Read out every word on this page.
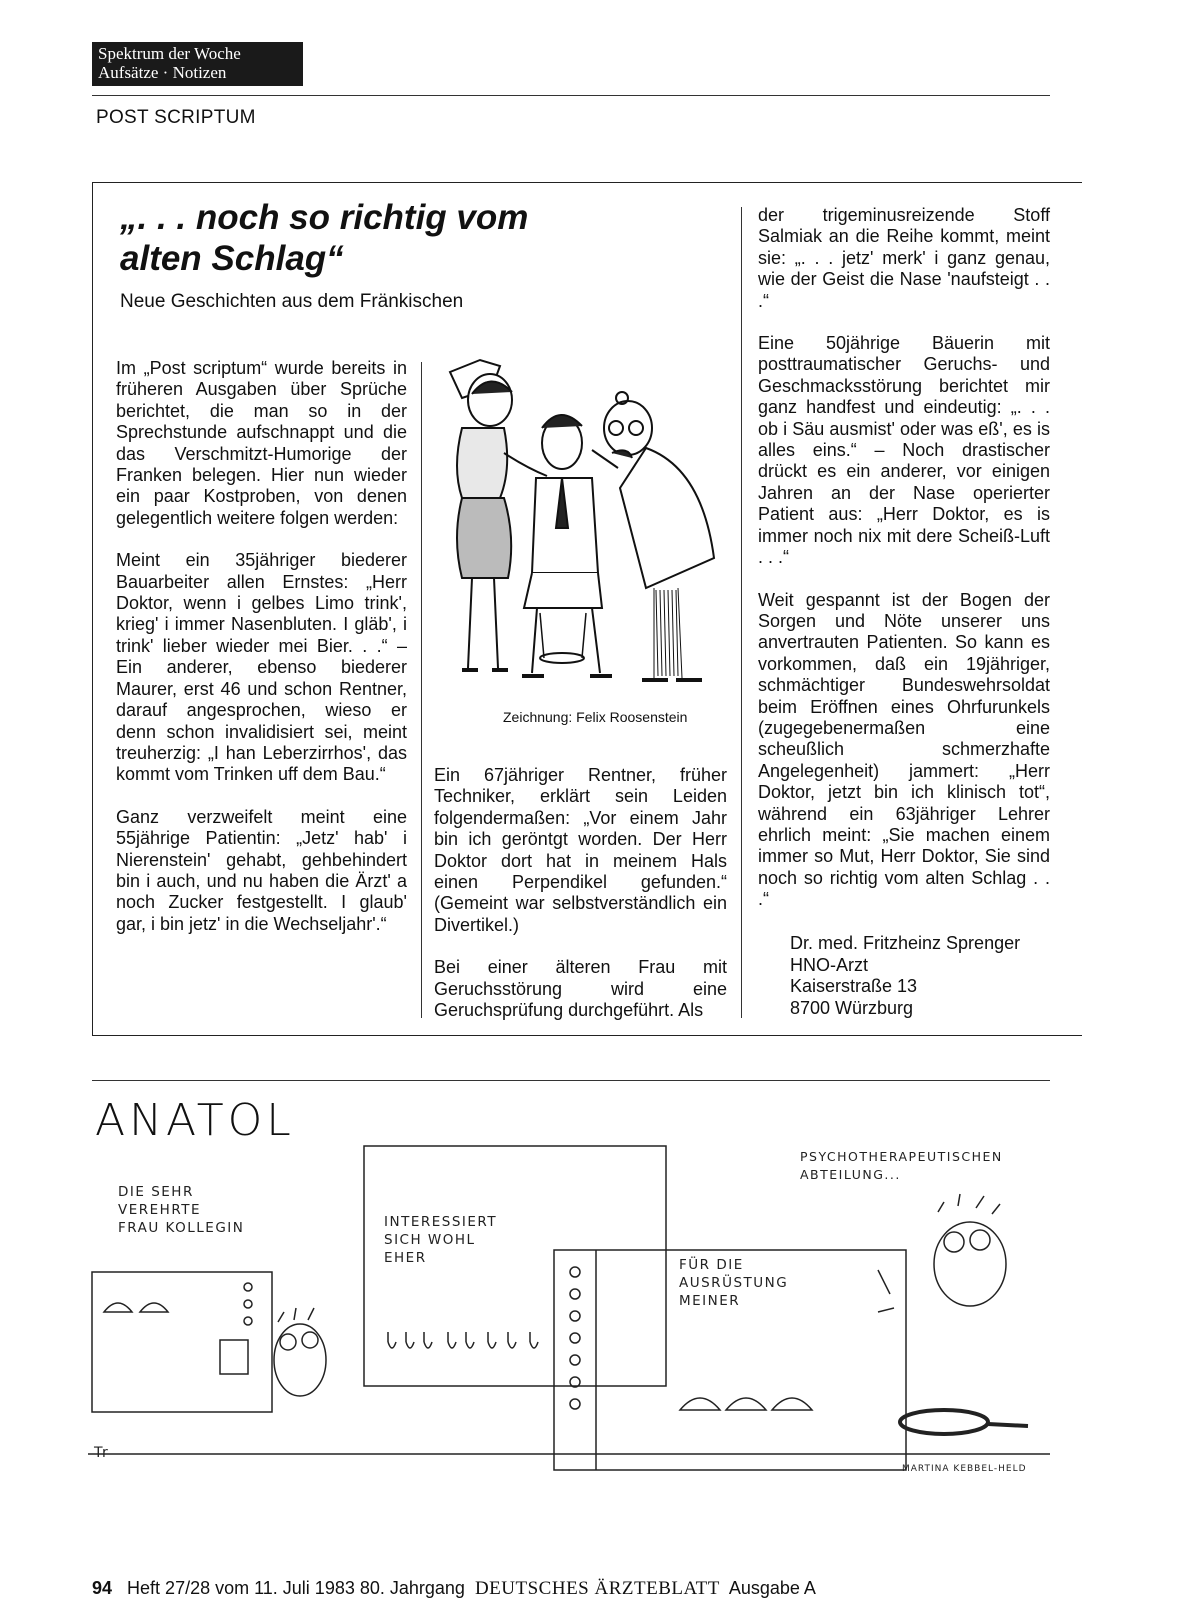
Spektrum der Woche
Aufsätze · Notizen
POST SCRIPTUM
„. . . noch so richtig vom
alten Schlag“
Neue Geschichten aus dem Fränkischen

Im „Post scriptum“ wurde bereits in früheren Ausgaben über Sprüche berichtet, die man so in der Sprechstunde aufschnappt und die das Verschmitzt-Humorige der Franken belegen. Hier nun wieder ein paar Kostproben, von denen gelegentlich weitere folgen werden:

Meint ein 35jähriger biederer Bauarbeiter allen Ernstes: „Herr Doktor, wenn i gelbes Limo trink', krieg' i immer Nasenbluten. I gläb', i trink' lieber wieder mei Bier. . .“ – Ein anderer, ebenso biederer Maurer, erst 46 und schon Rentner, darauf angesprochen, wieso er denn schon invalidisiert sei, meint treuherzig: „I han Leberzirrhos', das kommt vom Trinken uff dem Bau.“

Ganz verzweifelt meint eine 55jährige Patientin: „Jetz' hab' i Nierenstein' gehabt, gehbehindert bin i auch, und nu haben die Ärzt' a noch Zucker festgestellt. I glaub' gar, i bin jetz' in die Wechseljahr'.“

Zeichnung: Felix Roosenstein

Ein 67jähriger Rentner, früher Techniker, erklärt sein Leiden folgendermaßen: „Vor einem Jahr bin ich geröntgt worden. Der Herr Doktor dort hat in meinem Hals einen Perpendikel gefunden.“ (Gemeint war selbstverständlich ein Divertikel.)

Bei einer älteren Frau mit Geruchsstörung wird eine Geruchsprüfung durchgeführt. Als

der trigeminusreizende Stoff Salmiak an die Reihe kommt, meint sie: „. . . jetz' merk' i ganz genau, wie der Geist die Nase 'naufsteigt . . .“

Eine 50jährige Bäuerin mit posttraumatischer Geruchs- und Geschmacksstörung berichtet mir ganz handfest und eindeutig: „. . . ob i Säu ausmist' oder was eß', es is alles eins.“ – Noch drastischer drückt es ein anderer, vor einigen Jahren an der Nase operierter Patient aus: „Herr Doktor, es is immer noch nix mit dere Scheiß-Luft . . .“

Weit gespannt ist der Bogen der Sorgen und Nöte unserer uns anvertrauten Patienten. So kann es vorkommen, daß ein 19jähriger, schmächtiger Bundeswehrsoldat beim Eröffnen eines Ohrfurunkels (zugegebenermaßen eine scheußlich schmerzhafte Angelegenheit) jammert: „Herr Doktor, jetzt bin ich klinisch tot“, während ein 63jähriger Lehrer ehrlich meint: „Sie machen einem immer so Mut, Herr Doktor, Sie sind noch so richtig vom alten Schlag . . .“

Dr. med. Fritzheinz Sprenger
HNO-Arzt
Kaiserstraße 13
8700 Würzburg
ANATOL
DIE SEHR
VEREHRTE
FRAU KOLLEGIN	INTERESSIERT
SICH WOHL
EHER	FÜR DIE
AUSRÜSTUNG
MEINER
PSYCHOTHERAPEUTISCHEN
ABTEILUNG...
Tr
MARTINA KEBBEL-HELD
94 Heft 27/28 vom 11. Juli 1983 80. Jahrgang DEUTSCHES ÄRZTEBLATT Ausgabe A
